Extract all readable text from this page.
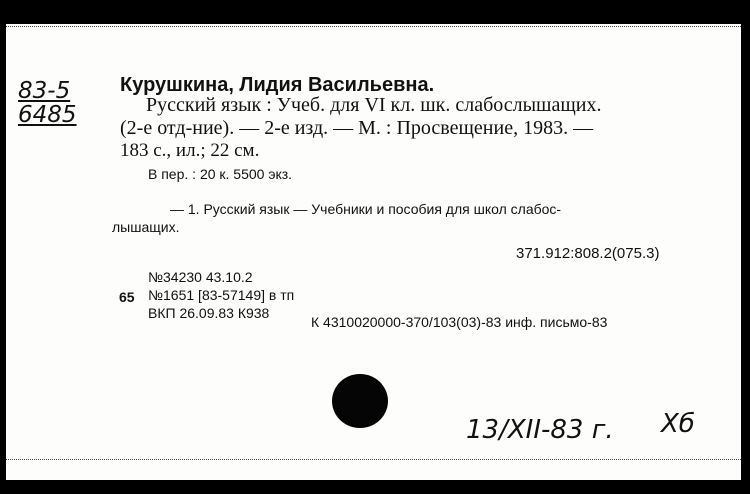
83-5
6485
Курушкина, Лидия Васильевна.
Русский язык : Учеб. для VI кл. шк. слабослышащих.
(2-е отд-ние). — 2-е изд. — М. : Просвещение, 1983. —
183 с., ил.; 22 см.
В пер. : 20 к. 5500 экз.
— 1. Русский язык — Учебники и пособия для школ слабос-
лышащих.
371.912:808.2(075.3)
№34230 43.10.2
65 №1651 [83-57149] в тп
ВКП 26.09.83 К938
К 4310020000-370/103(03)-83 инф. письмо-83
13/XII-83 г. Хб
